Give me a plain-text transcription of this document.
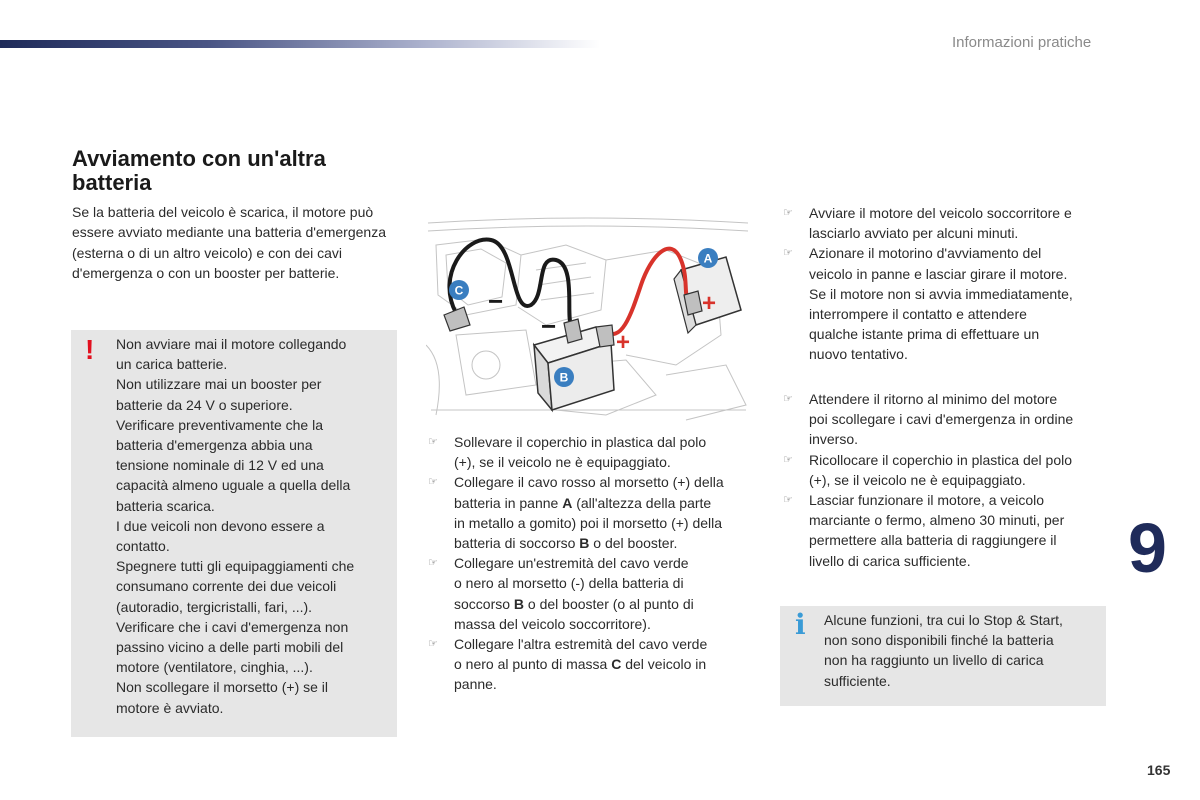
Informazioni pratiche
Avviamento con un'altra batteria

Se la batteria del veicolo è scarica, il motore può essere avviato mediante una batteria d'emergenza (esterna o di un altro veicolo) e con dei cavi d'emergenza o con un booster per batterie.

! Non avviare mai il motore collegando
un carica batterie.
Non utilizzare mai un booster per
batterie da 24 V o superiore.
Verificare preventivamente che la
batteria d'emergenza abbia una
tensione nominale di 12 V ed una
capacità almeno uguale a quella della
batteria scarica.
I due veicoli non devono essere a
contatto.
Spegnere tutti gli equipaggiamenti che
consumano corrente dei due veicoli
(autoradio, tergicristalli, fari, ...).
Verificare che i cavi d'emergenza non
passino vicino a delle parti mobili del
motore (ventilatore, cinghia, ...).
Non scollegare il morsetto (+) se il
motore è avviato.
−
−
+
+
A
B
C
☞ Sollevare il coperchio in plastica dal polo
(+), se il veicolo ne è equipaggiato.
☞ Collegare il cavo rosso al morsetto (+) della
batteria in panne A (all'altezza della parte
in metallo a gomito) poi il morsetto (+) della
batteria di soccorso B o del booster.
☞ Collegare un'estremità del cavo verde
o nero al morsetto (-) della batteria di
soccorso B o del booster (o al punto di
massa del veicolo soccorritore).
☞ Collegare l'altra estremità del cavo verde
o nero al punto di massa C del veicolo in
panne.
☞ Avviare il motore del veicolo soccorritore e
lasciarlo avviato per alcuni minuti.
☞ Azionare il motorino d'avviamento del
veicolo in panne e lasciar girare il motore.
Se il motore non si avvia immediatamente,
interrompere il contatto e attendere
qualche istante prima di effettuare un
nuovo tentativo.
☞ Attendere il ritorno al minimo del motore
poi scollegare i cavi d'emergenza in ordine
inverso.
☞ Ricollocare il coperchio in plastica del polo
(+), se il veicolo ne è equipaggiato.
☞ Lasciar funzionare il motore, a veicolo
marciante o fermo, almeno 30 minuti, per
permettere alla batteria di raggiungere il
livello di carica sufficiente.
i Alcune funzioni, tra cui lo Stop & Start,
non sono disponibili finché la batteria
non ha raggiunto un livello di carica
sufficiente.
9
165
